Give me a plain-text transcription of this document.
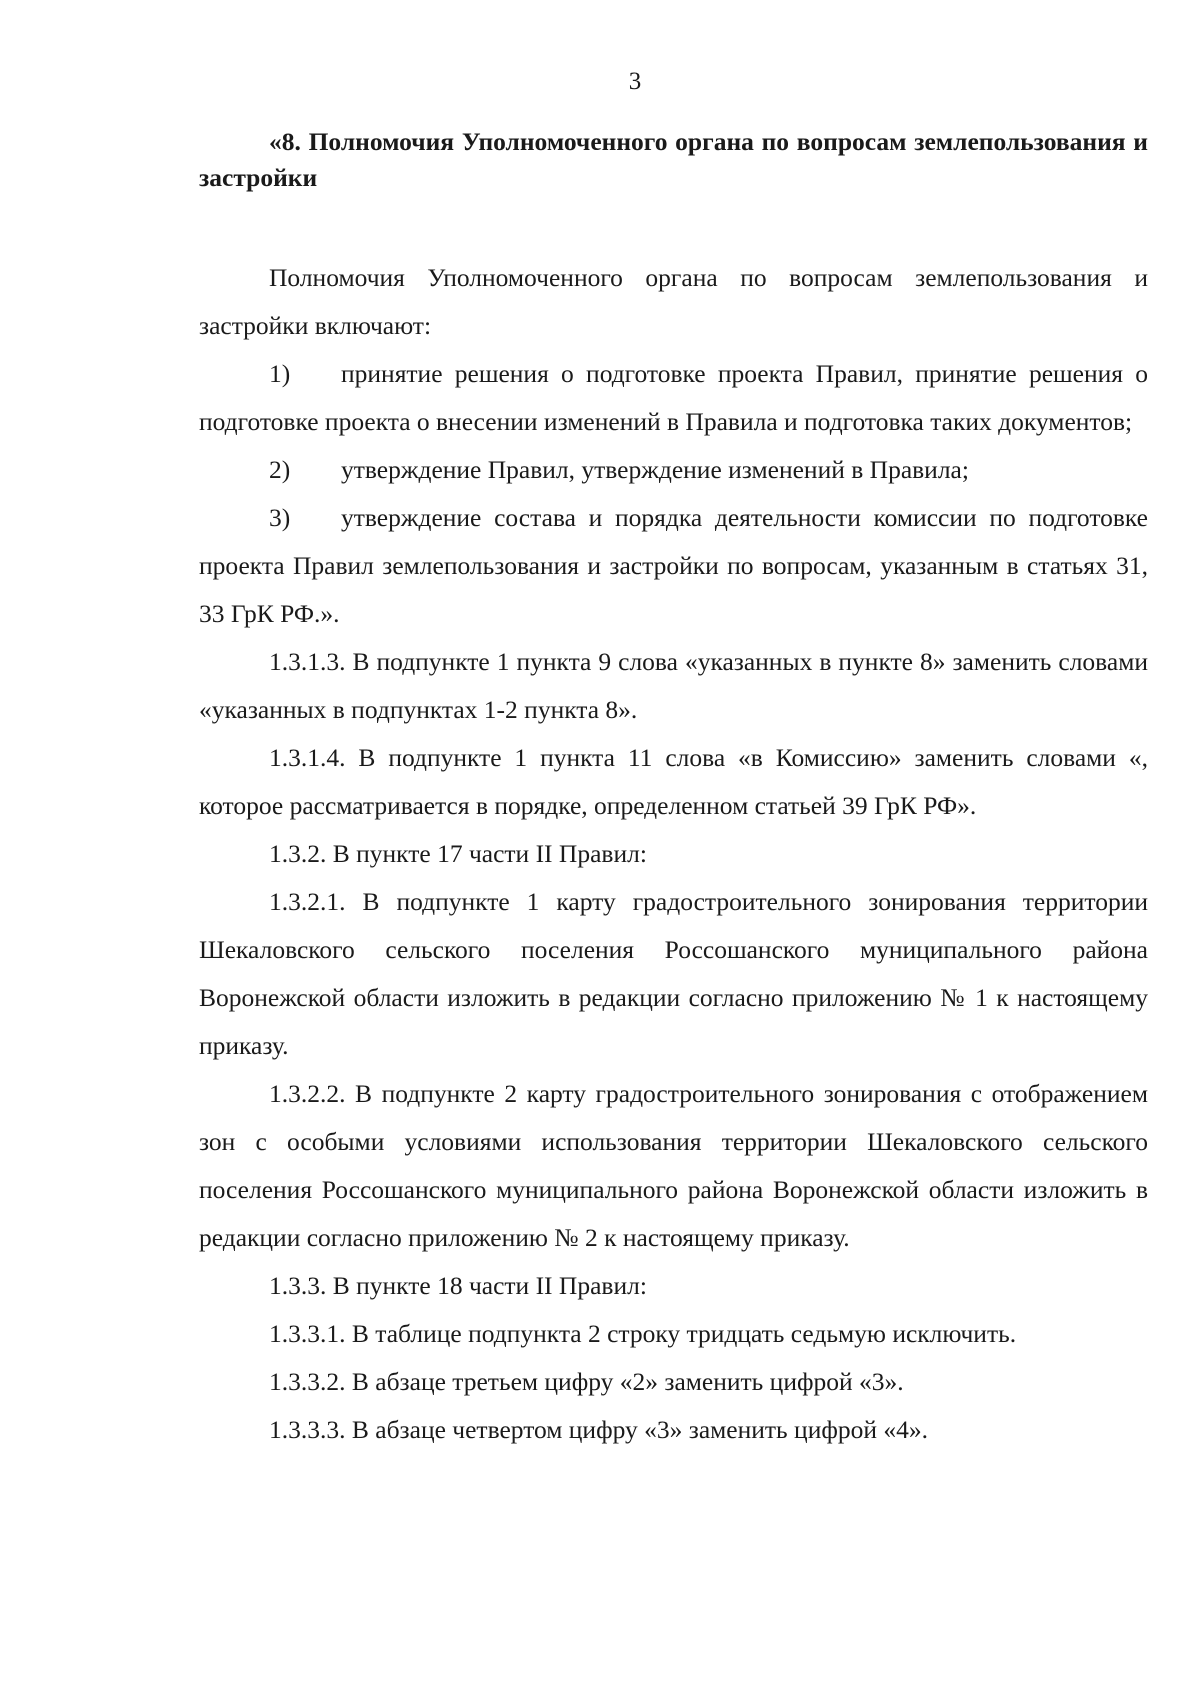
3

«8. Полномочия Уполномоченного органа по вопросам землепользования и застройки

Полномочия Уполномоченного органа по вопросам землепользования и застройки включают:

1) принятие решения о подготовке проекта Правил, принятие решения о подготовке проекта о внесении изменений в Правила и подготовка таких документов;

2) утверждение Правил, утверждение изменений в Правила;

3) утверждение состава и порядка деятельности комиссии по подготовке проекта Правил землепользования и застройки по вопросам, указанным в статьях 31, 33 ГрК РФ.».

1.3.1.3. В подпункте 1 пункта 9 слова «указанных в пункте 8» заменить словами «указанных в подпунктах 1-2 пункта 8».

1.3.1.4. В подпункте 1 пункта 11 слова «в Комиссию» заменить словами «, которое рассматривается в порядке, определенном статьей 39 ГрК РФ».

1.3.2. В пункте 17 части II Правил:

1.3.2.1. В подпункте 1 карту градостроительного зонирования территории Шекаловского сельского поселения Россошанского муниципального района Воронежской области изложить в редакции согласно приложению № 1 к настоящему приказу.

1.3.2.2. В подпункте 2 карту градостроительного зонирования с отображением зон с особыми условиями использования территории Шекаловского сельского поселения Россошанского муниципального района Воронежской области изложить в редакции согласно приложению № 2 к настоящему приказу.

1.3.3. В пункте 18 части II Правил:

1.3.3.1. В таблице подпункта 2 строку тридцать седьмую исключить.

1.3.3.2. В абзаце третьем цифру «2» заменить цифрой «3».

1.3.3.3. В абзаце четвертом цифру «3» заменить цифрой «4».
